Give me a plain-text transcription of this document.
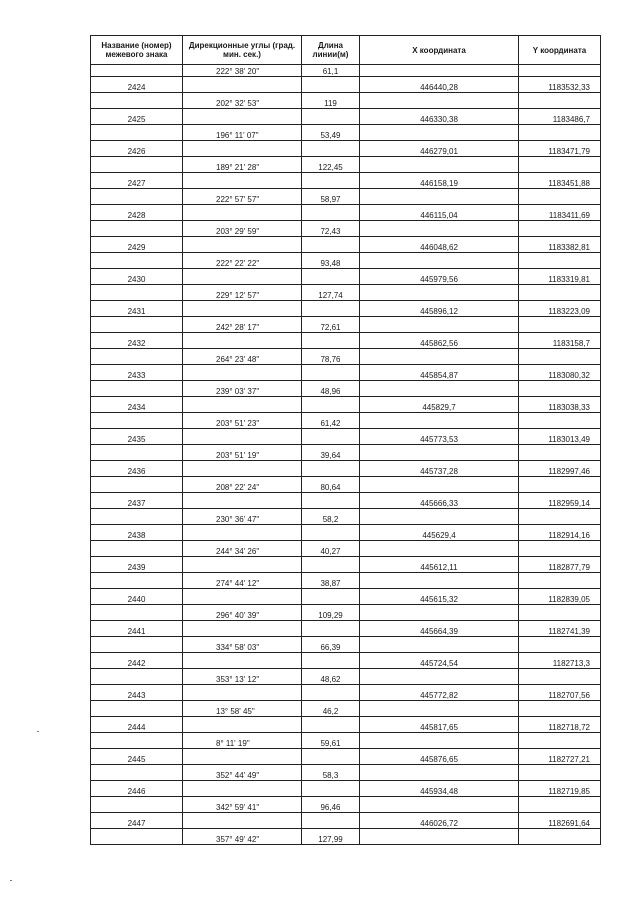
Название (номер) межевого знака	Дирекционные углы (град. мин. сек.)	Длина линии(м)	X координата	Y координата
	222° 38' 20"	61,1		
2424			446440,28	1183532,33
	202° 32' 53"	119		
2425			446330,38	1183486,7
	196° 11' 07"	53,49		
2426			446279,01	1183471,79
	189° 21' 28"	122,45		
2427			446158,19	1183451,88
	222° 57' 57"	58,97		
2428			446115,04	1183411,69
	203° 29' 59"	72,43		
2429			446048,62	1183382,81
	222° 22' 22"	93,48		
2430			445979,56	1183319,81
	229° 12' 57"	127,74		
2431			445896,12	1183223,09
	242° 28' 17"	72,61		
2432			445862,56	1183158,7
	264° 23' 48"	78,76		
2433			445854,87	1183080,32
	239° 03' 37"	48,96		
2434			445829,7	1183038,33
	203° 51' 23"	61,42		
2435			445773,53	1183013,49
	203° 51' 19"	39,64		
2436			445737,28	1182997,46
	208° 22' 24"	80,64		
2437			445666,33	1182959,14
	230° 36' 47"	58,2		
2438			445629,4	1182914,16
	244° 34' 26"	40,27		
2439			445612,11	1182877,79
	274° 44' 12"	38,87		
2440			445615,32	1182839,05
	296° 40' 39"	109,29		
2441			445664,39	1182741,39
	334° 58' 03"	66,39		
2442			445724,54	1182713,3
	353° 13' 12"	48,62		
2443			445772,82	1182707,56
	13° 58' 45"	46,2		
2444			445817,65	1182718,72
	8° 11' 19"	59,61		
2445			445876,65	1182727,21
	352° 44' 49"	58,3		
2446			445934,48	1182719,85
	342° 59' 41"	96,46		
2447			446026,72	1182691,64
	357° 49' 42"	127,99		
